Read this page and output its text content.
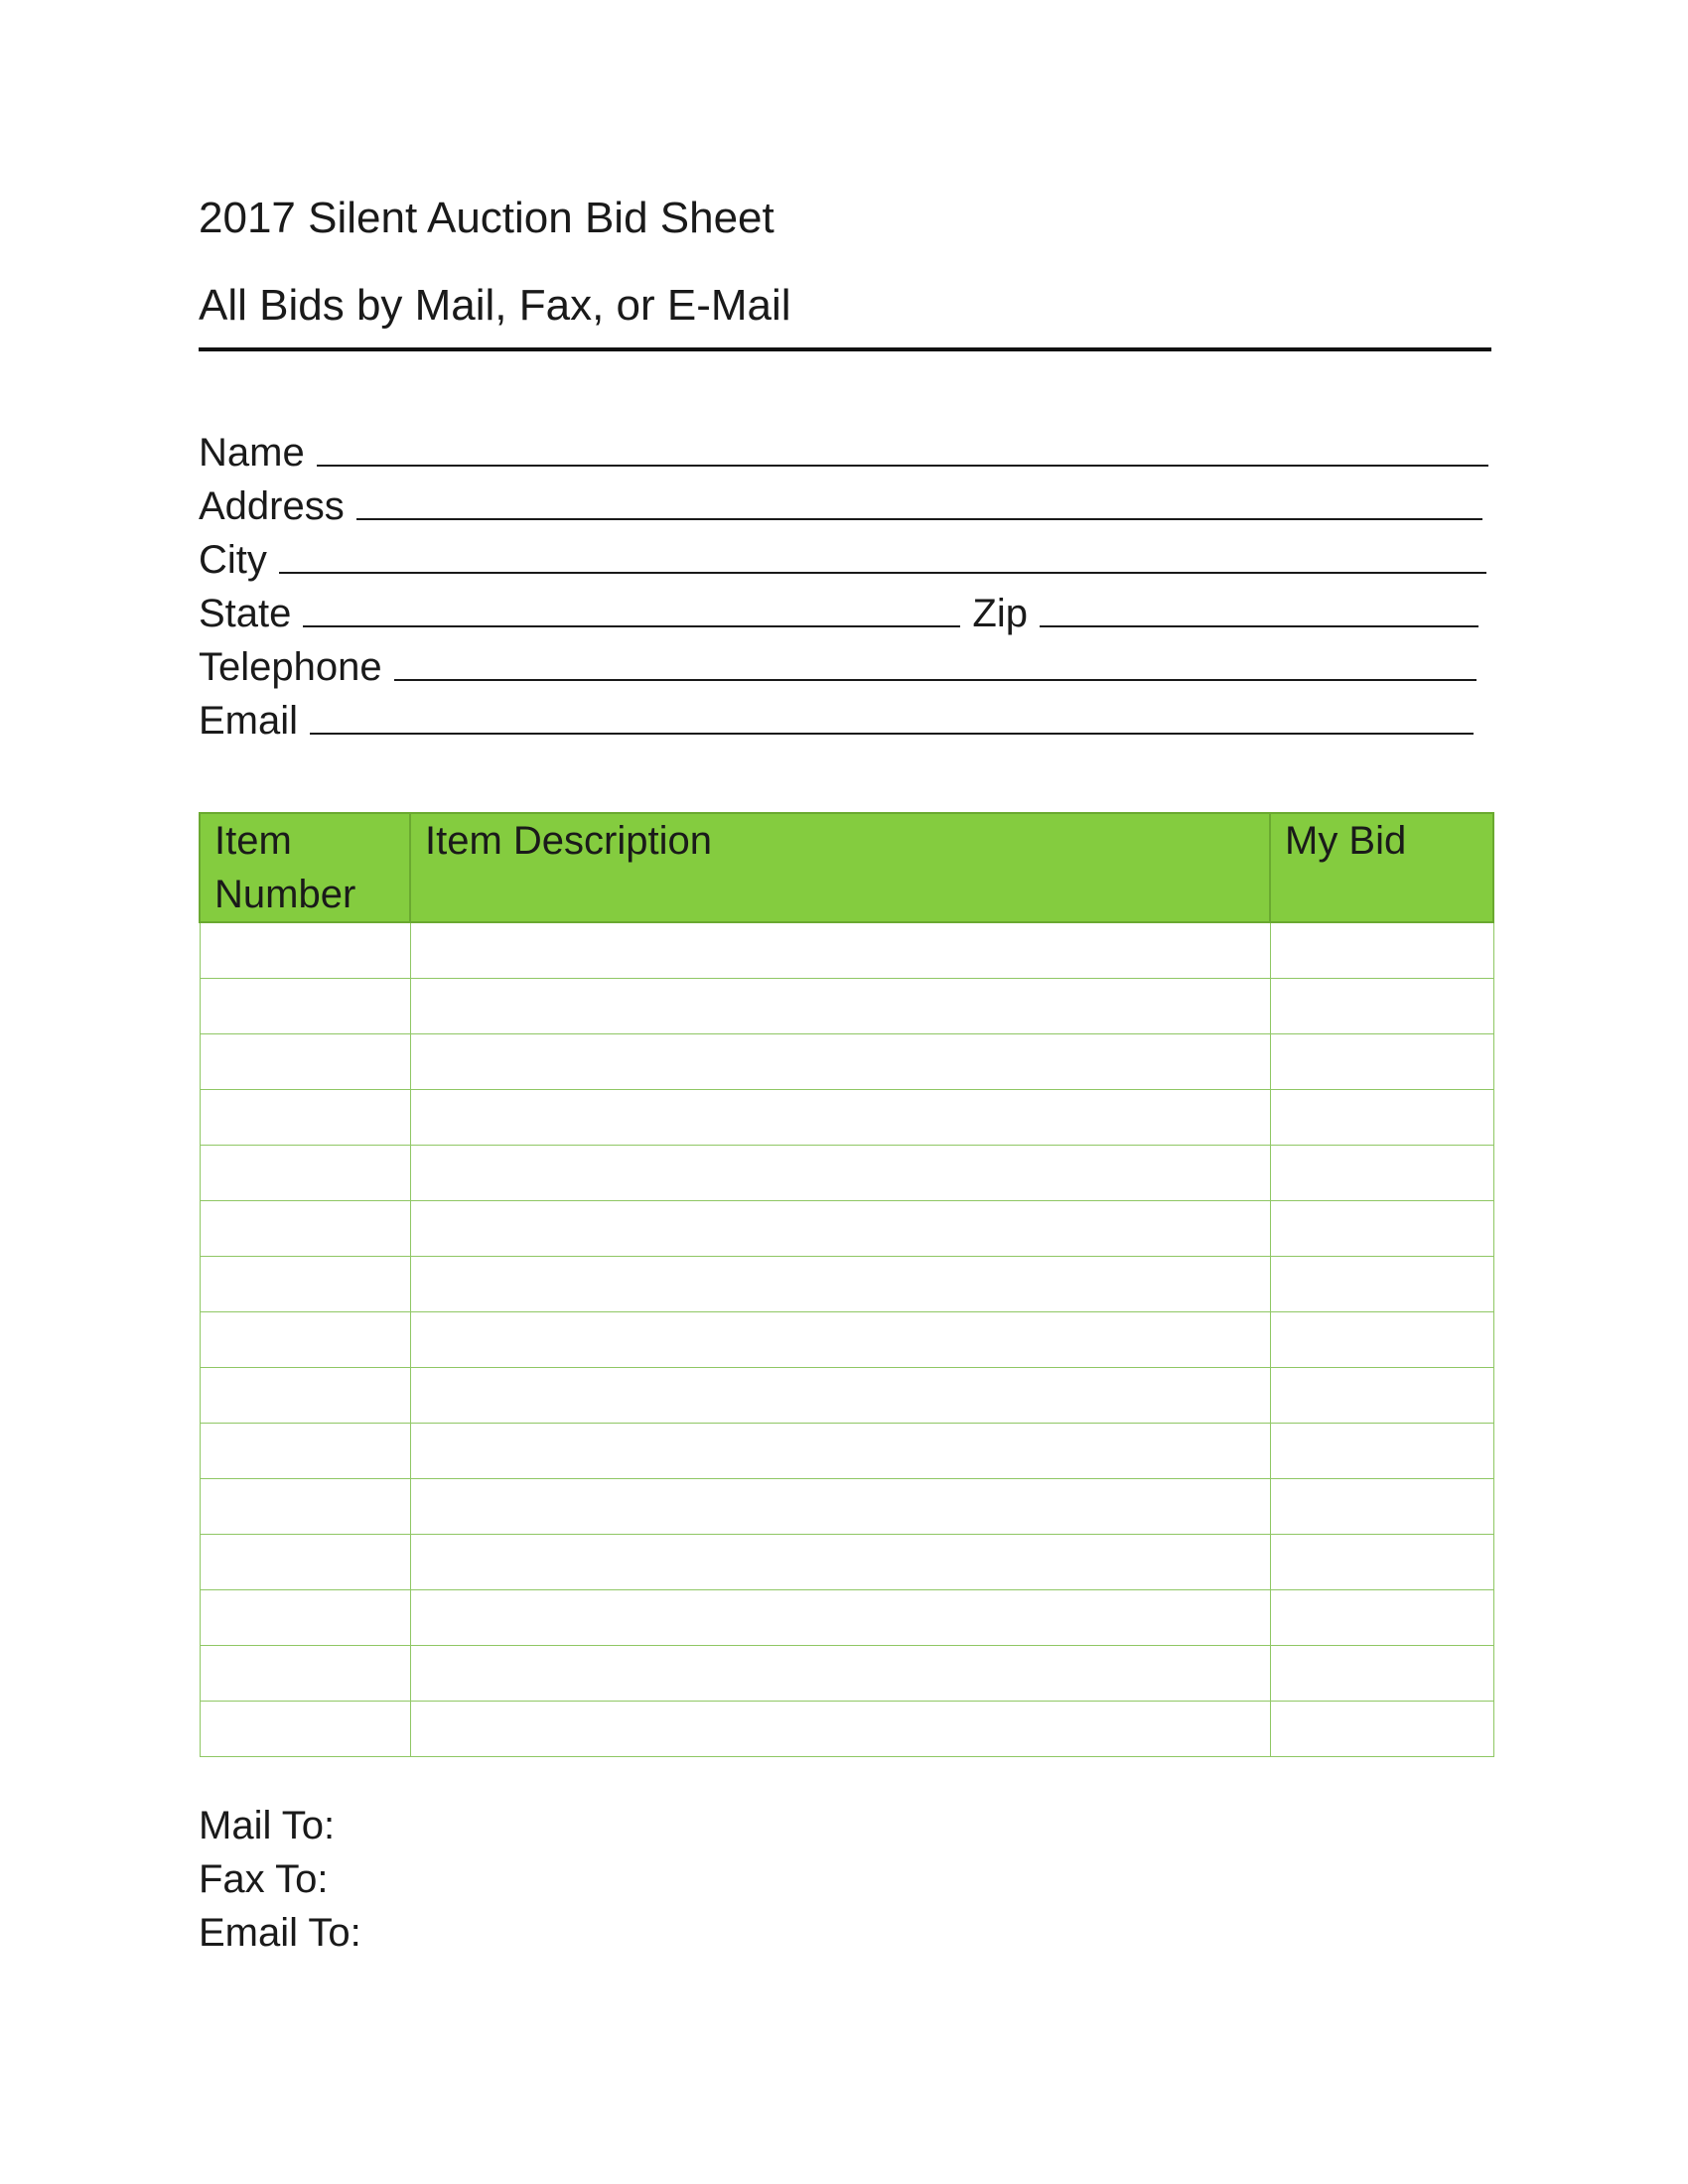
2017 Silent Auction Bid Sheet
All Bids by Mail, Fax, or E-Mail
Name
Address
City
State	Zip
Telephone
Email
Item Number	Item Description	My Bid

Mail To:
Fax To:
Email To:
